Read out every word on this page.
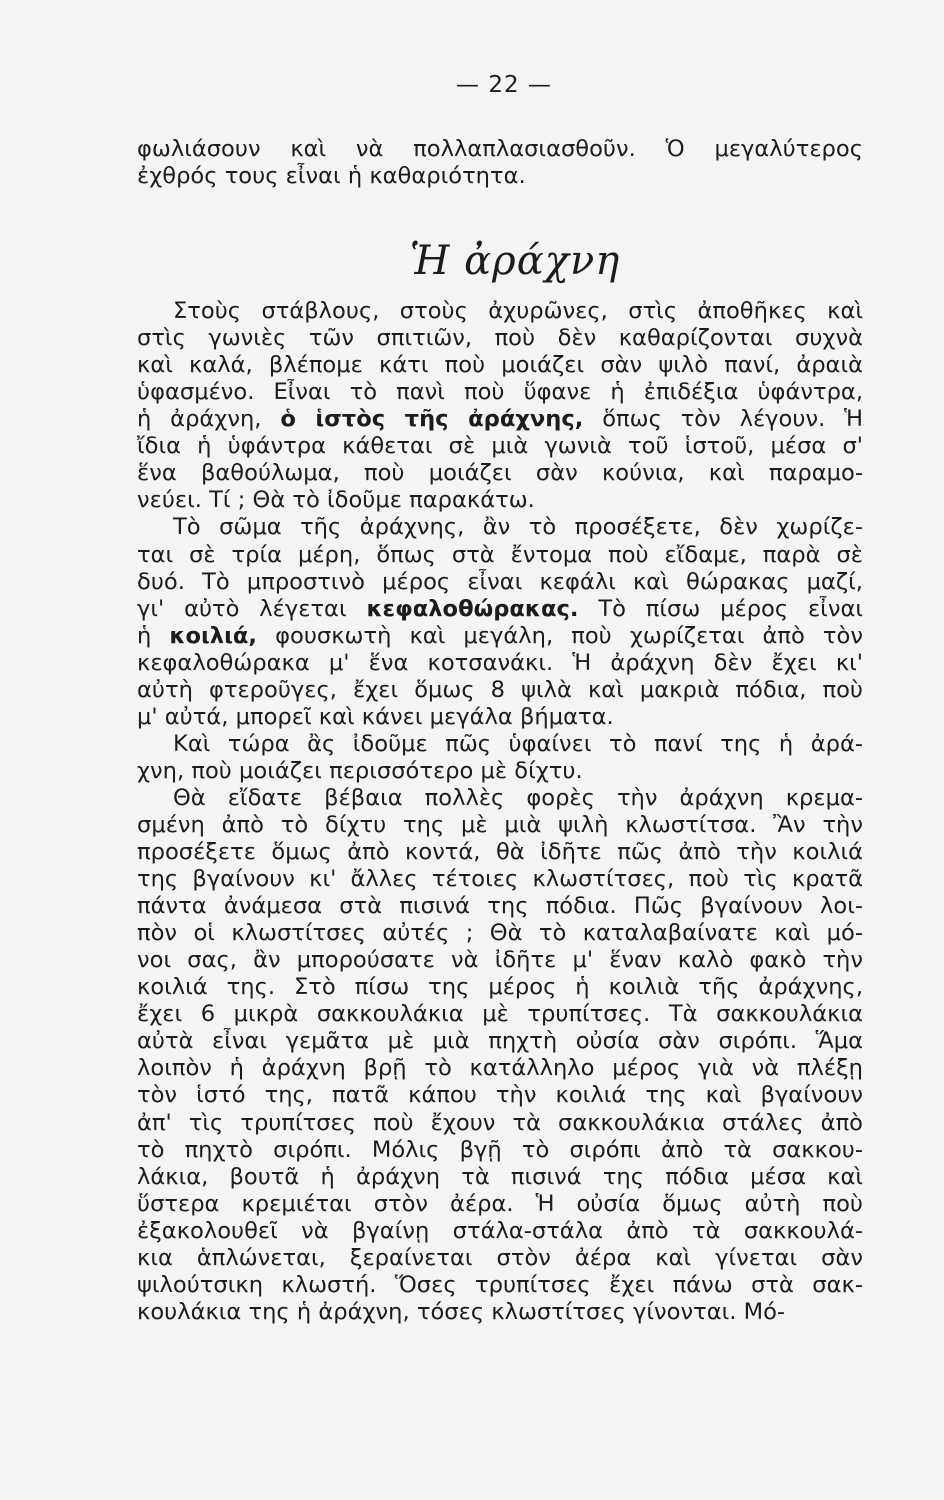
— 22 —
φωλιάσουν καὶ νὰ πολλαπλασιασθοῦν. Ὁ μεγαλύτερος
ἐχθρός τους εἶναι ἡ καθαριότητα.
Ἡ ἀράχνη
Στοὺς στάβλους, στοὺς ἀχυρῶνες, στὶς ἀποθῆκες καὶ
στὶς γωνιὲς τῶν σπιτιῶν, ποὺ δὲν καθαρίζονται συχνὰ
καὶ καλά, βλέπομε κάτι ποὺ μοιάζει σὰν ψιλὸ πανί, ἀραιὰ
ὑφασμένο. Εἶναι τὸ πανὶ ποὺ ὕφανε ἡ ἐπιδέξια ὑφάντρα,
ἡ ἀράχνη, ὁ ἱστὸς τῆς ἀράχνης, ὅπως τὸν λέγουν. Ἡ
ἴδια ἡ ὑφάντρα κάθεται σὲ μιὰ γωνιὰ τοῦ ἱστοῦ, μέσα σ'
ἕνα βαθούλωμα, ποὺ μοιάζει σὰν κούνια, καὶ παραμο-
νεύει. Τί ; Θὰ τὸ ἰδοῦμε παρακάτω.
Τὸ σῶμα τῆς ἀράχνης, ἂν τὸ προσέξετε, δὲν χωρίζε-
ται σὲ τρία μέρη, ὅπως στὰ ἔντομα ποὺ εἴδαμε, παρὰ σὲ
δυό. Τὸ μπροστινὸ μέρος εἶναι κεφάλι καὶ θώρακας μαζί,
γι' αὐτὸ λέγεται κεφαλοθώρακας. Τὸ πίσω μέρος εἶναι
ἡ κοιλιά, φουσκωτὴ καὶ μεγάλη, ποὺ χωρίζεται ἀπὸ τὸν
κεφαλοθώρακα μ' ἕνα κοτσανάκι. Ἡ ἀράχνη δὲν ἔχει κι'
αὐτὴ φτεροῦγες, ἔχει ὅμως 8 ψιλὰ καὶ μακριὰ πόδια, ποὺ
μ' αὐτά, μπορεῖ καὶ κάνει μεγάλα βήματα.
Καὶ τώρα ἂς ἰδοῦμε πῶς ὑφαίνει τὸ πανί της ἡ ἀρά-
χνη, ποὺ μοιάζει περισσότερο μὲ δίχτυ.
Θὰ εἴδατε βέβαια πολλὲς φορὲς τὴν ἀράχνη κρεμα-
σμένη ἀπὸ τὸ δίχτυ της μὲ μιὰ ψιλὴ κλωστίτσα. Ἂν τὴν
προσέξετε ὅμως ἀπὸ κοντά, θὰ ἰδῆτε πῶς ἀπὸ τὴν κοιλιά
της βγαίνουν κι' ἄλλες τέτοιες κλωστίτσες, ποὺ τὶς κρατᾶ
πάντα ἀνάμεσα στὰ πισινά της πόδια. Πῶς βγαίνουν λοι-
πὸν οἱ κλωστίτσες αὐτές ; Θὰ τὸ καταλαβαίνατε καὶ μό-
νοι σας, ἂν μπορούσατε νὰ ἰδῆτε μ' ἕναν καλὸ φακὸ τὴν
κοιλιά της. Στὸ πίσω της μέρος ἡ κοιλιὰ τῆς ἀράχνης,
ἔχει 6 μικρὰ σακκουλάκια μὲ τρυπίτσες. Τὰ σακκουλάκια
αὐτὰ εἶναι γεμᾶτα μὲ μιὰ πηχτὴ οὐσία σὰν σιρόπι. Ἅμα
λοιπὸν ἡ ἀράχνη βρῇ τὸ κατάλληλο μέρος γιὰ νὰ πλέξῃ
τὸν ἱστό της, πατᾶ κάπου τὴν κοιλιά της καὶ βγαίνουν
ἀπ' τὶς τρυπίτσες ποὺ ἔχουν τὰ σακκουλάκια στάλες ἀπὸ
τὸ πηχτὸ σιρόπι. Μόλις βγῇ τὸ σιρόπι ἀπὸ τὰ σακκου-
λάκια, βουτᾶ ἡ ἀράχνη τὰ πισινά της πόδια μέσα καὶ
ὕστερα κρεμιέται στὸν ἀέρα. Ἡ οὐσία ὅμως αὐτὴ ποὺ
ἐξακολουθεῖ νὰ βγαίνῃ στάλα-στάλα ἀπὸ τὰ σακκουλά-
κια ἁπλώνεται, ξεραίνεται στὸν ἀέρα καὶ γίνεται σὰν
ψιλούτσικη κλωστή. Ὅσες τρυπίτσες ἔχει πάνω στὰ σακ-
κουλάκια της ἡ ἀράχνη, τόσες κλωστίτσες γίνονται. Μό-
